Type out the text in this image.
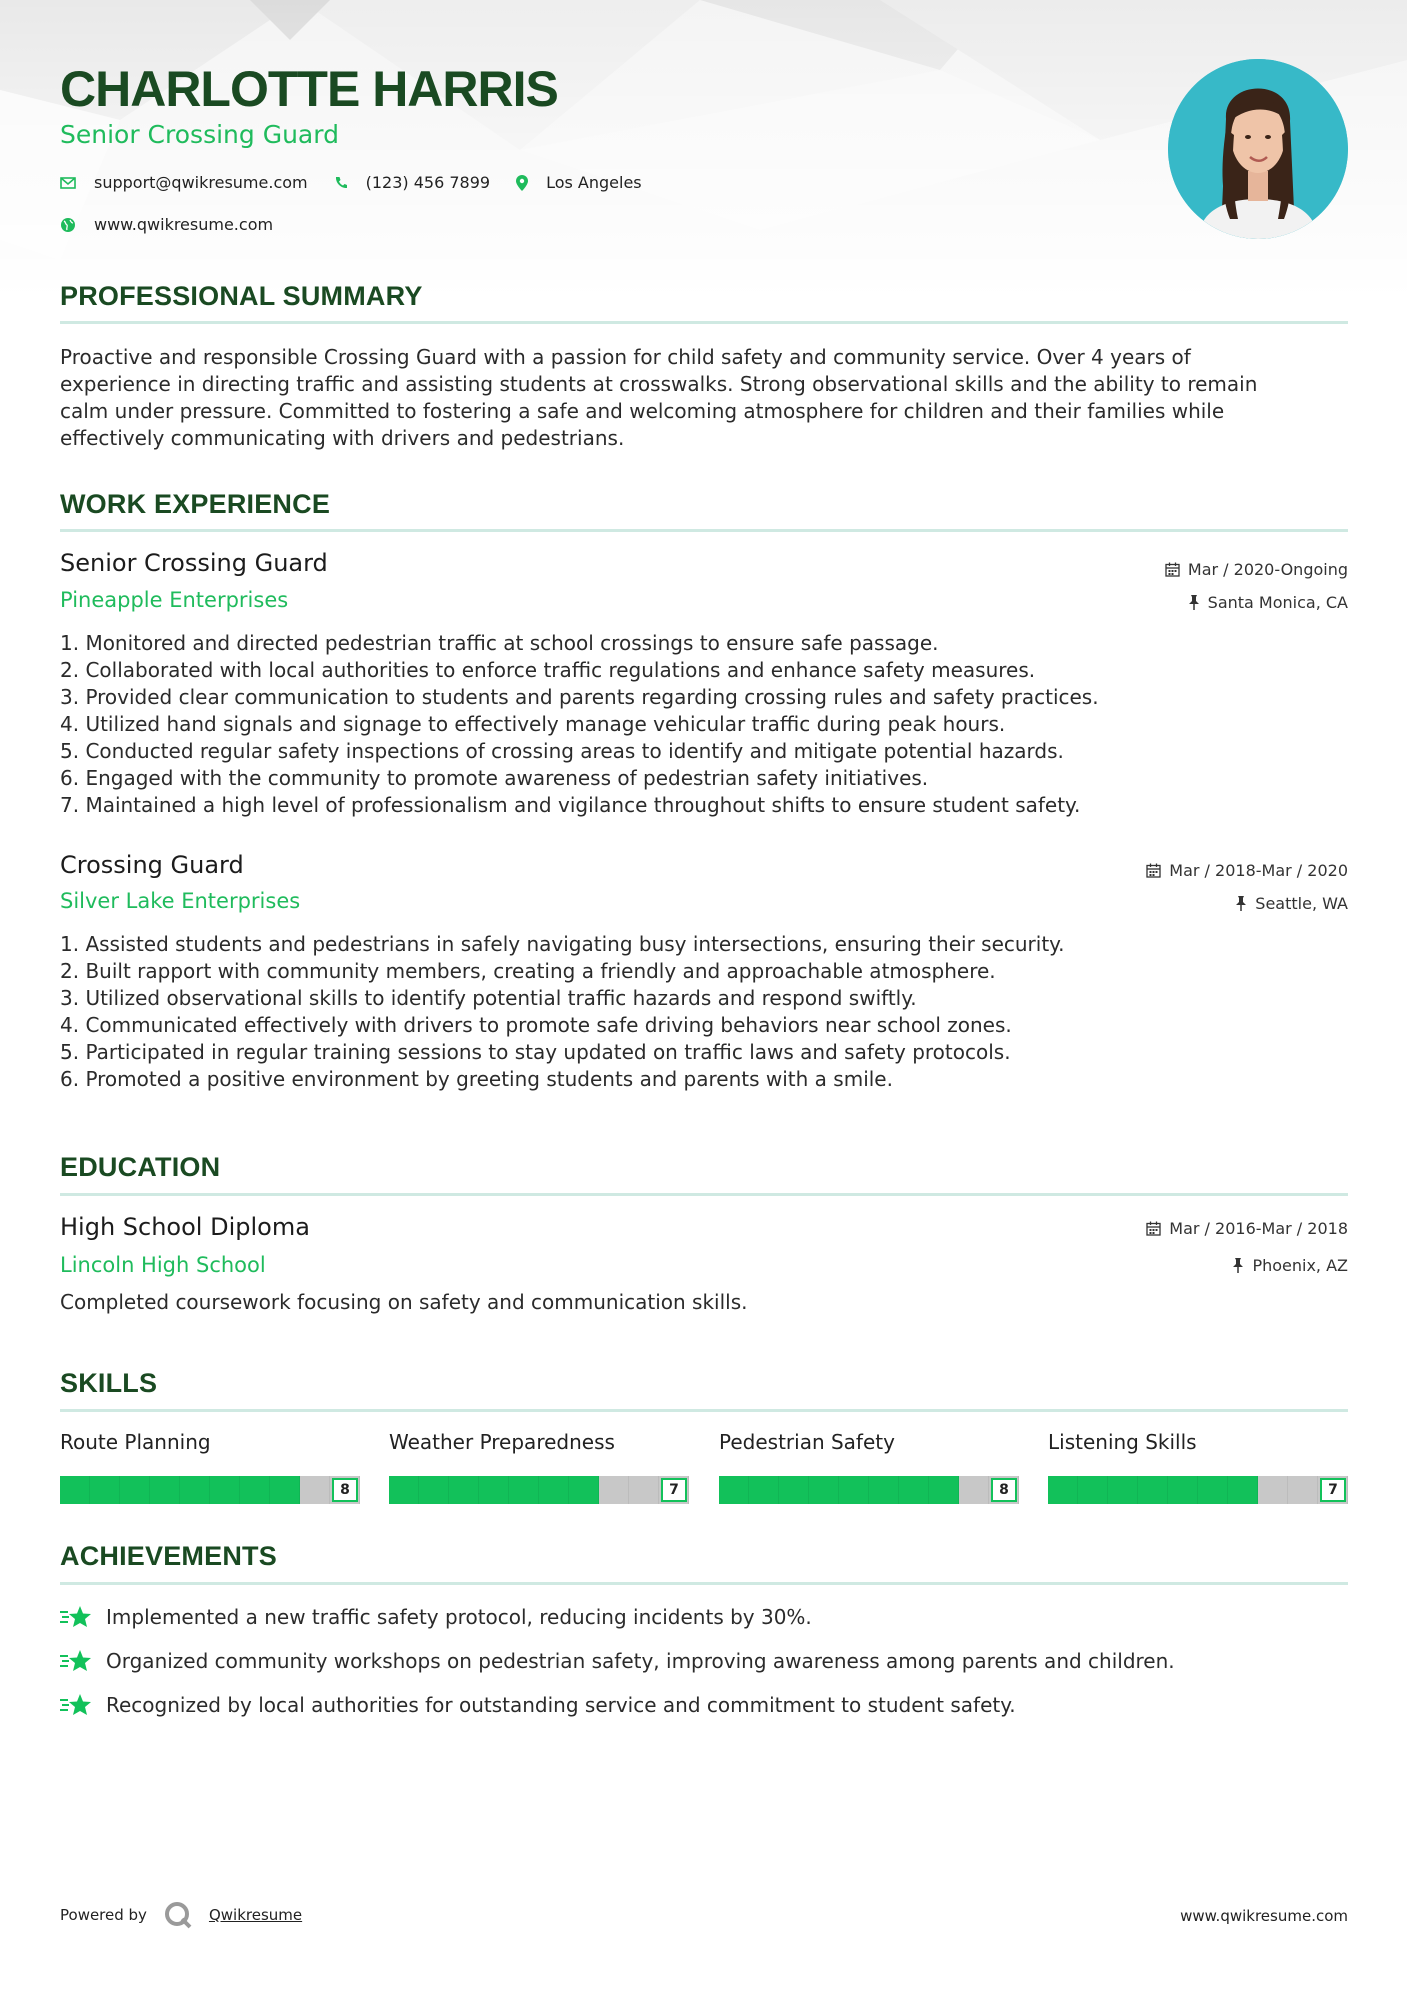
CHARLOTTE HARRIS
Senior Crossing Guard
support@qwikresume.com	(123) 456 7899	Los Angeles
www.qwikresume.com
PROFESSIONAL SUMMARY
Proactive and responsible Crossing Guard with a passion for child safety and community service. Over 4 years of
experience in directing traffic and assisting students at crosswalks. Strong observational skills and the ability to remain
calm under pressure. Committed to fostering a safe and welcoming atmosphere for children and their families while
effectively communicating with drivers and pedestrians.
WORK EXPERIENCE
Senior Crossing Guard	Mar / 2020-Ongoing
Pineapple Enterprises	Santa Monica, CA
1. Monitored and directed pedestrian traffic at school crossings to ensure safe passage.
2. Collaborated with local authorities to enforce traffic regulations and enhance safety measures.
3. Provided clear communication to students and parents regarding crossing rules and safety practices.
4. Utilized hand signals and signage to effectively manage vehicular traffic during peak hours.
5. Conducted regular safety inspections of crossing areas to identify and mitigate potential hazards.
6. Engaged with the community to promote awareness of pedestrian safety initiatives.
7. Maintained a high level of professionalism and vigilance throughout shifts to ensure student safety.
Crossing Guard	Mar / 2018-Mar / 2020
Silver Lake Enterprises	Seattle, WA
1. Assisted students and pedestrians in safely navigating busy intersections, ensuring their security.
2. Built rapport with community members, creating a friendly and approachable atmosphere.
3. Utilized observational skills to identify potential traffic hazards and respond swiftly.
4. Communicated effectively with drivers to promote safe driving behaviors near school zones.
5. Participated in regular training sessions to stay updated on traffic laws and safety protocols.
6. Promoted a positive environment by greeting students and parents with a smile.
EDUCATION
High School Diploma	Mar / 2016-Mar / 2018
Lincoln High School	Phoenix, AZ
Completed coursework focusing on safety and communication skills.
SKILLS
Route Planning
8
Weather Preparedness
7
Pedestrian Safety
8
Listening Skills
7
ACHIEVEMENTS
Implemented a new traffic safety protocol, reducing incidents by 30%.
Organized community workshops on pedestrian safety, improving awareness among parents and children.
Recognized by local authorities for outstanding service and commitment to student safety.
Powered by	Qwikresume	www.qwikresume.com
